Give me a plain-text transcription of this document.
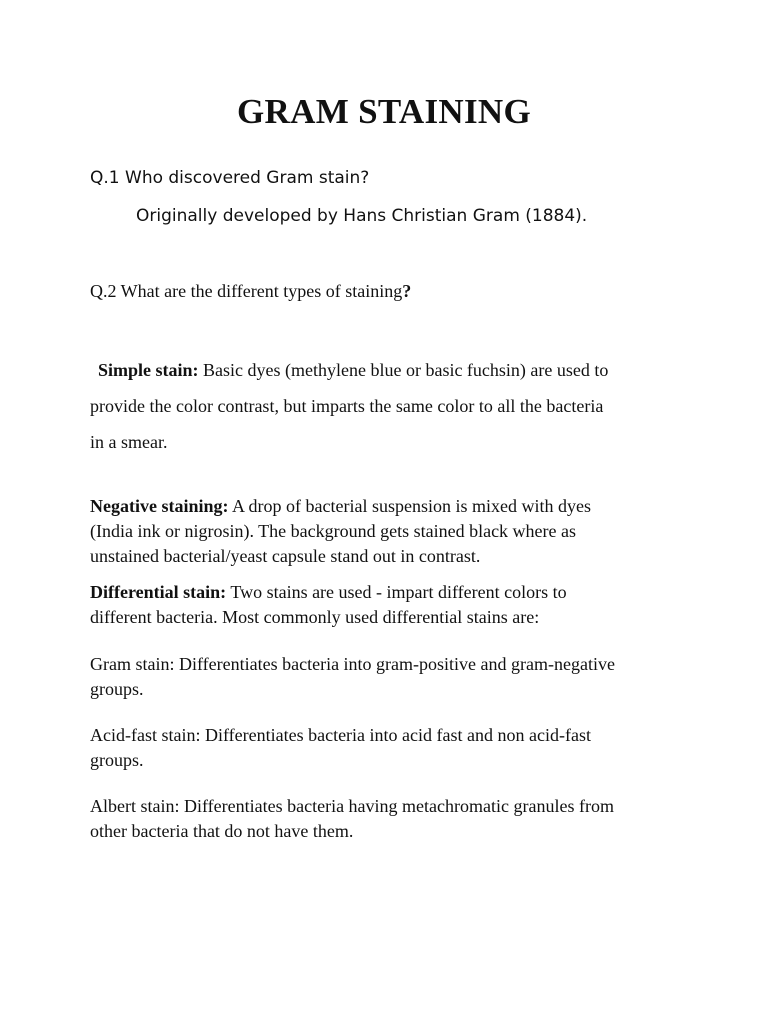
GRAM STAINING
Q.1 Who discovered Gram stain?
Originally developed by Hans Christian Gram (1884).
Q.2 What are the different types of staining?
Simple stain: Basic dyes (methylene blue or basic fuchsin) are used to
provide the color contrast, but imparts the same color to all the bacteria
in a smear.
Negative staining: A drop of bacterial suspension is mixed with dyes
(India ink or nigrosin). The background gets stained black where as
unstained bacterial/yeast capsule stand out in contrast.
Differential stain: Two stains are used - impart different colors to
different bacteria. Most commonly used differential stains are:
Gram stain: Differentiates bacteria into gram-positive and gram-negative
groups.
Acid-fast stain: Differentiates bacteria into acid fast and non acid-fast
groups.
Albert stain: Differentiates bacteria having metachromatic granules from
other bacteria that do not have them.
